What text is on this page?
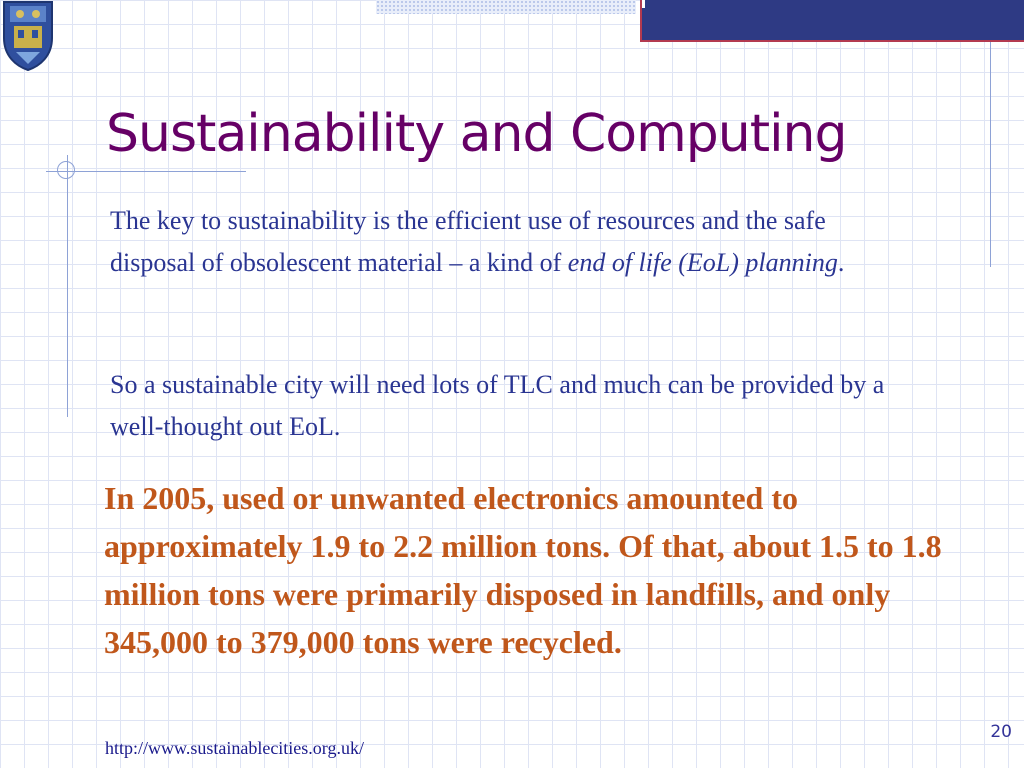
Sustainability and Computing

The key to sustainability is the efficient use of resources and the safe disposal of obsolescent material – a kind of end of life (EoL) planning.

So a sustainable city will need lots of TLC and much can be provided by a well-thought out EoL.

In 2005, used or unwanted electronics amounted to approximately 1.9 to 2.2 million tons. Of that, about 1.5 to 1.8 million tons were primarily disposed in landfills, and only 345,000 to 379,000 tons were recycled.

http://www.sustainablecities.org.uk/
20
